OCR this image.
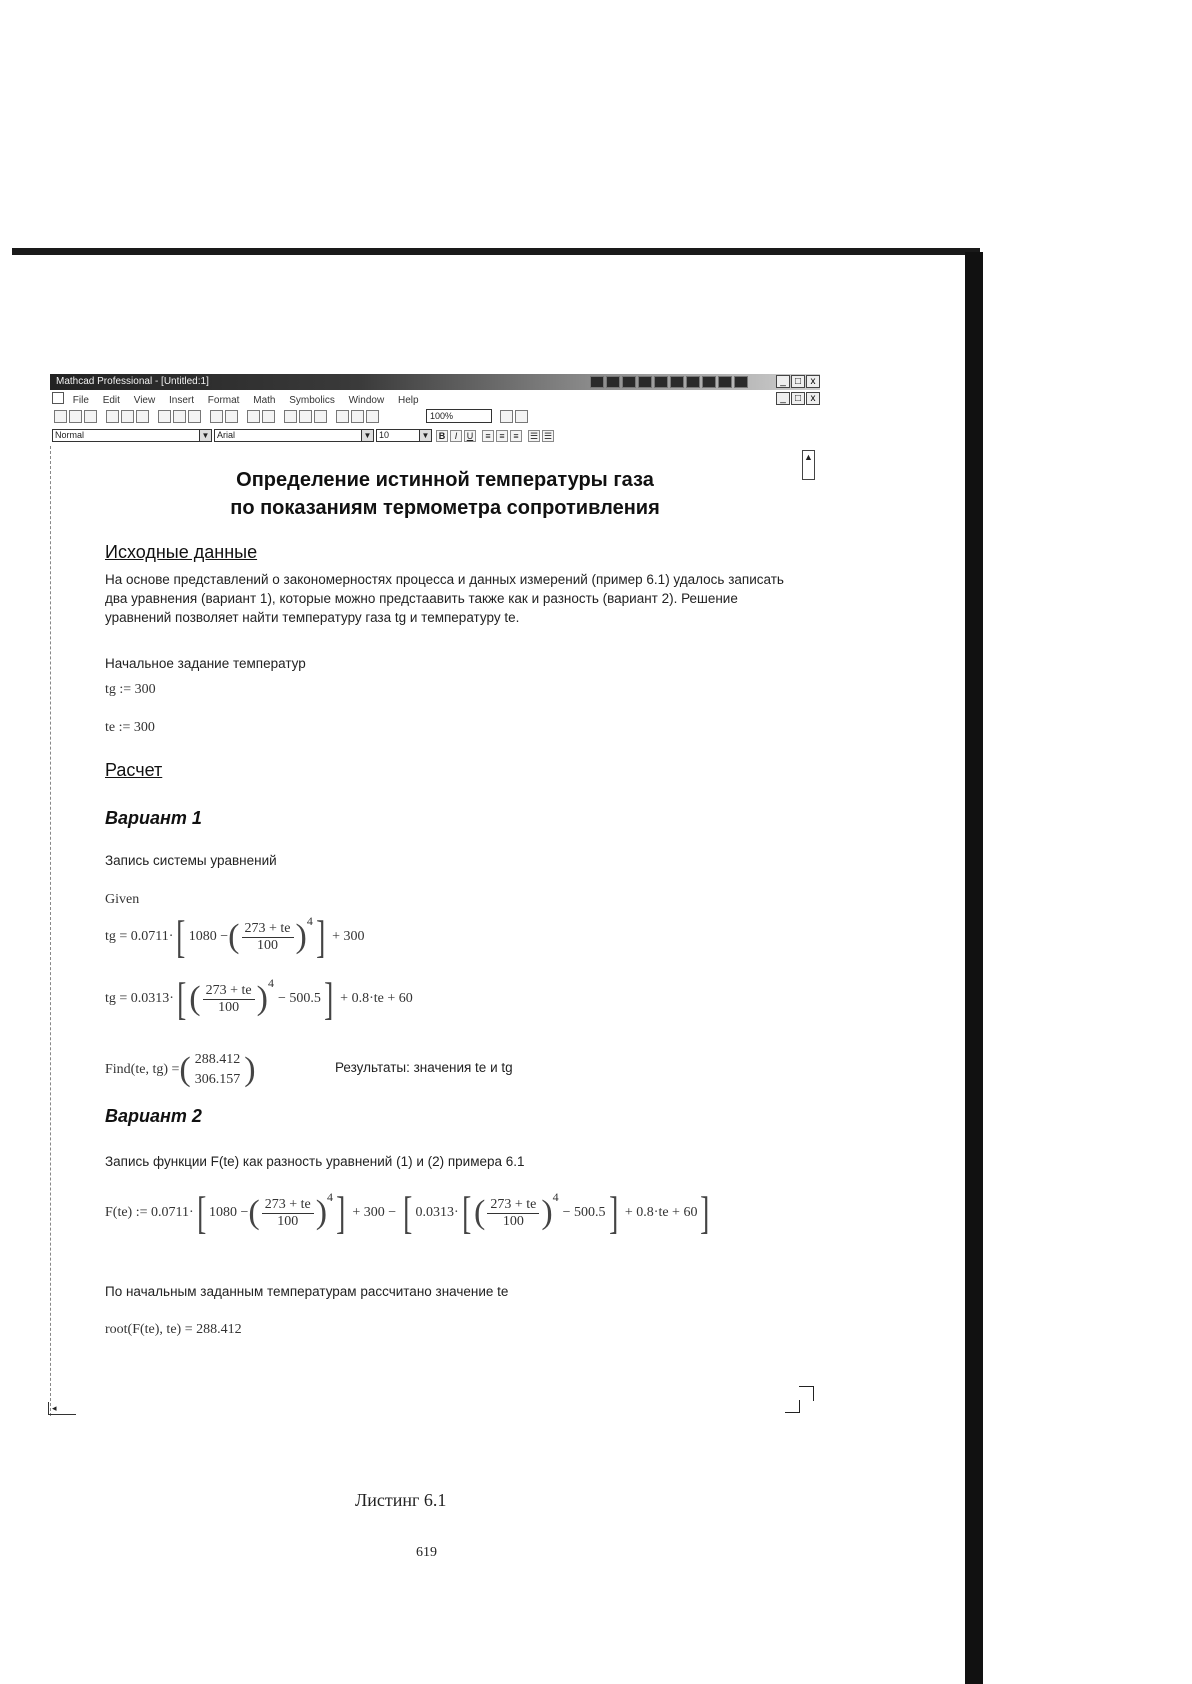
Mathcad Professional - [Untitled:1]	_ □ x
File Edit View Insert Format Math Symbolics Window Help	_ □ x
100%
Normal	▼ Arial	▼ 10	▼	B	I	U	≡ ≡ ≡	☰ ☰
▲
Определение истинной температуры газа
по показаниям термометра сопротивления
Исходные данные
На основе представлений о закономерностях процесса и данных измерений (пример 6.1) удалось записать два уравнения (вариант 1), которые можно предстаавить также как и разность (вариант 2). Решение уравнений позволяет найти температуру газа tg и температуру te.
Начальное задание температур
tg := 300
te := 300
Расчет
Вариант 1
Запись системы уравнений
Given
tg = 0.0711· [ 1080 − ( $\frac{273 + te}{100}$ ) 4 ] + 300
tg = 0.0313· [ ( $\frac{273 + te}{100}$ ) 4
− 500.5 ] + 0.8·te + 60
Find(te, tg) = ( 288.412
306.157 )	Результаты: значения te и tg
Вариант 2
Запись функции F(te) как разность уравнений (1) и (2) примера 6.1
F(te) := 0.0711· [ 1080 − ( $\frac{273 + te}{100}$ ) 4 ] + 300 − [ 0.0313· [ ( $\frac{273 + te}{100}$ ) 4
− 500.5 ] + 0.8·te + 60 ]
По начальным заданным температурам рассчитано значение te
root(F(te), te) = 288.412
◂
Листинг 6.1
619
